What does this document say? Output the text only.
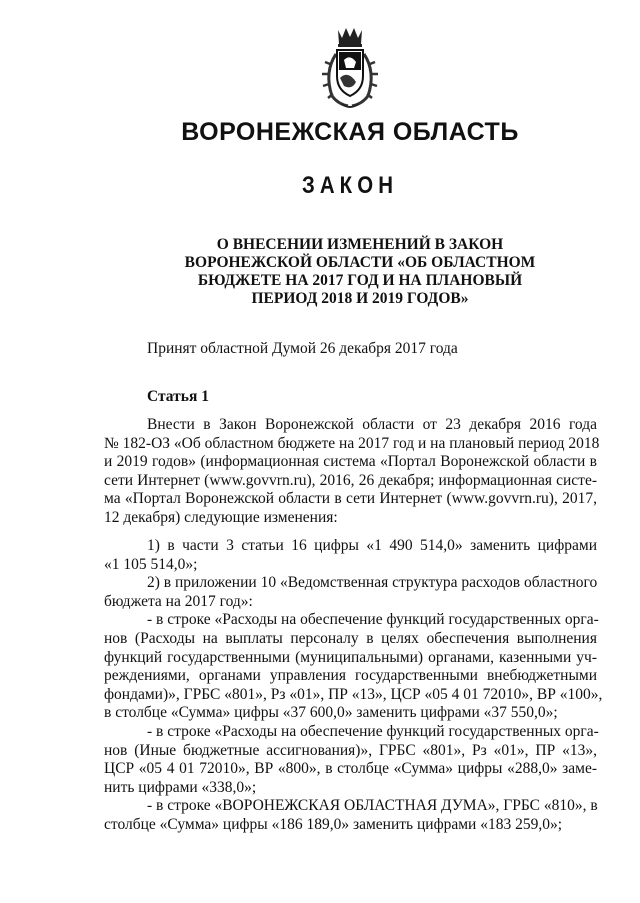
ВОРОНЕЖСКАЯ ОБЛАСТЬ
ЗАКОН
О ВНЕСЕНИИ ИЗМЕНЕНИЙ В ЗАКОН
ВОРОНЕЖСКОЙ ОБЛАСТИ «ОБ ОБЛАСТНОМ
БЮДЖЕТЕ НА 2017 ГОД И НА ПЛАНОВЫЙ
ПЕРИОД 2018 И 2019 ГОДОВ»
Принят областной Думой 26 декабря 2017 года
Статья 1
Внести в Закон Воронежской области от 23 декабря 2016 года
№ 182-ОЗ «Об областном бюджете на 2017 год и на плановый период 2018
и 2019 годов» (информационная система «Портал Воронежской области в
сети Интернет (www.govvrn.ru), 2016, 26 декабря; информационная систе-
ма «Портал Воронежской области в сети Интернет (www.govvrn.ru), 2017,
12 декабря) следующие изменения:
1) в части 3 статьи 16 цифры «1 490 514,0» заменить цифрами
«1 105 514,0»;
2) в приложении 10 «Ведомственная структура расходов областного
бюджета на 2017 год»:
- в строке «Расходы на обеспечение функций государственных орга-
нов (Расходы на выплаты персоналу в целях обеспечения выполнения
функций государственными (муниципальными) органами, казенными уч-
реждениями, органами управления государственными внебюджетными
фондами)», ГРБС «801», Рз «01», ПР «13», ЦСР «05 4 01 72010», ВР «100»,
в столбце «Сумма» цифры «37 600,0» заменить цифрами «37 550,0»;
- в строке «Расходы на обеспечение функций государственных орга-
нов (Иные бюджетные ассигнования)», ГРБС «801», Рз «01», ПР «13»,
ЦСР «05 4 01 72010», ВР «800», в столбце «Сумма» цифры «288,0» заме-
нить цифрами «338,0»;
- в строке «ВОРОНЕЖСКАЯ ОБЛАСТНАЯ ДУМА», ГРБС «810», в
столбце «Сумма» цифры «186 189,0» заменить цифрами «183 259,0»;
